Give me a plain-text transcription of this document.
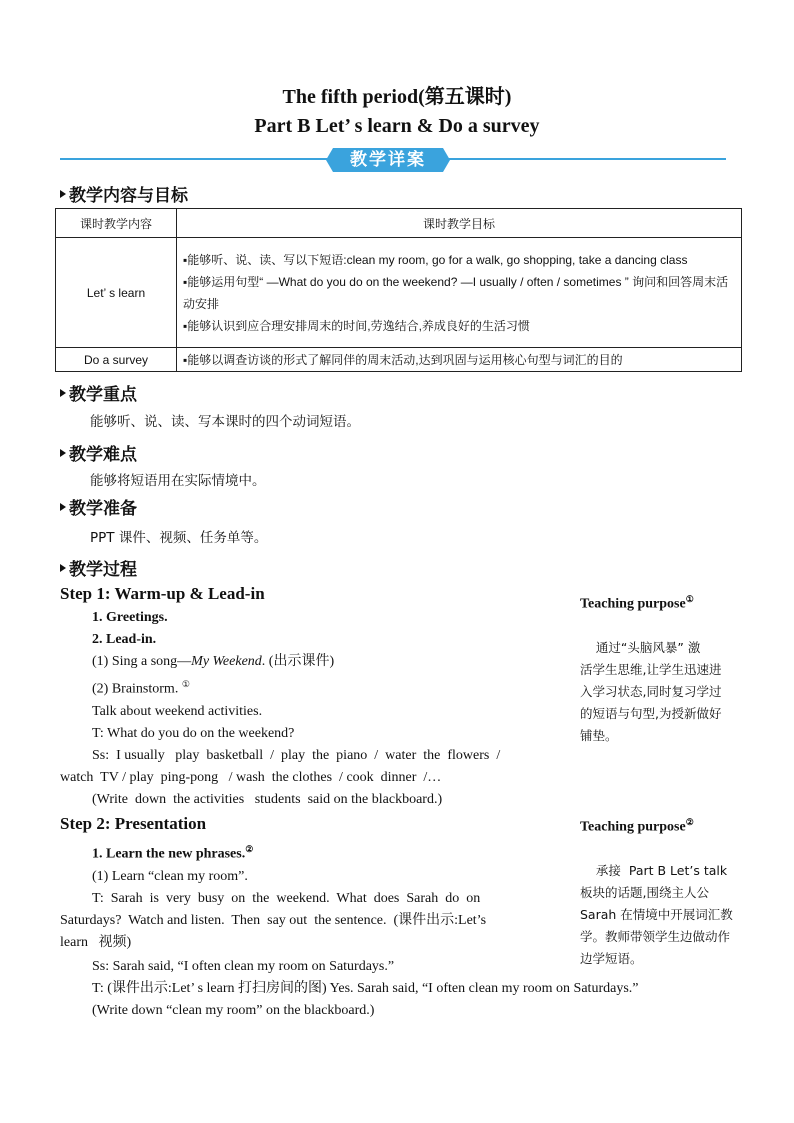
The fifth period(第五课时)
Part B Let’ s learn & Do a survey
教学详案
教学内容与目标
课时教学内容	课时教学目标
Let’ s learn	▪能够听、说、读、写以下短语:clean my room, go for a walk, go shopping, take a dancing class
▪能够运用句型“ —What do you do on the weekend? —I usually / often / sometimes ” 询问和回答周末活动安排
▪能够认识到应合理安排周末的时间,劳逸结合,养成良好的生活习惯

Do a survey	▪能够以调查访谈的形式了解同伴的周末活动,达到巩固与运用核心句型与词汇的目的
教学重点
能够听、说、读、写本课时的四个动词短语。
教学难点
能够将短语用在实际情境中。
教学准备
PPT 课件、视频、任务单等。
教学过程
Step 1: Warm-up & Lead-in
1. Greetings.
2. Lead-in.
(1) Sing a song—My Weekend. (出示课件)
(2) Brainstorm. ①
Talk about weekend activities.
T: What do you do on the weekend?
Ss:  I usually   play  basketball  /  play  the  piano  /  water  the  flowers  /
watch  TV / play  ping-pong   / wash  the clothes  / cook  dinner  /…
(Write  down  the activities   students  said on the blackboard.)
Teaching purpose①

通过“头脑风暴” 激
活学生思维,让学生迅速进
入学习状态,同时复习学过
的短语与句型,为授新做好
铺垫。

Step 2: Presentation
1. Learn the new phrases.②
(1) Learn “clean my room”.
T:  Sarah  is  very  busy  on  the  weekend.  What  does  Sarah  do  on
Saturdays?  Watch and listen.  Then  say out  the sentence.  (课件出示:Let’s
learn   视频)
Ss: Sarah said, “I often clean my room on Saturdays.”
T: (课件出示:Let’ s learn 打扫房间的图) Yes. Sarah said, “I often clean my room on Saturdays.”
(Write down “clean my room” on the blackboard.)
Teaching purpose②

承接  Part B Let’s talk
板块的话题,围绕主人公
Sarah 在情境中开展词汇教
学。教师带领学生边做动作
边学短语。
